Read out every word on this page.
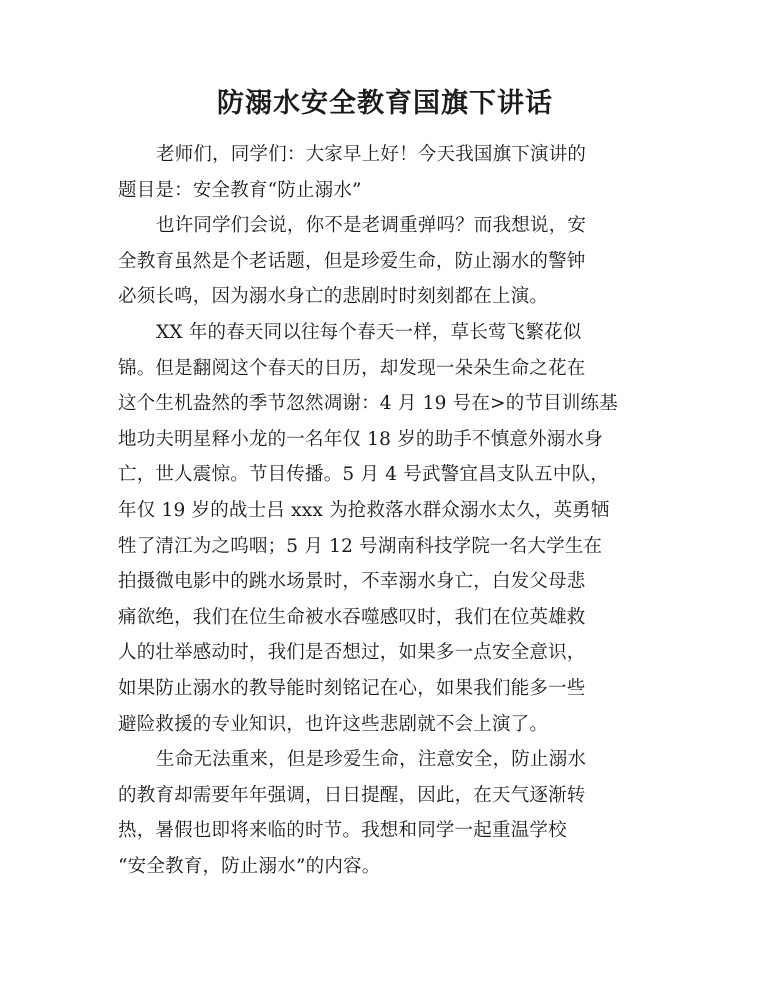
防溺水安全教育国旗下讲话
老师们，同学们：大家早上好！今天我国旗下演讲的
题目是：安全教育“防止溺水”
也许同学们会说，你不是老调重弹吗？而我想说，安
全教育虽然是个老话题，但是珍爱生命，防止溺水的警钟
必须长鸣，因为溺水身亡的悲剧时时刻刻都在上演。
XX 年的春天同以往每个春天一样，草长莺飞繁花似
锦。但是翻阅这个春天的日历，却发现一朵朵生命之花在
这个生机盎然的季节忽然凋谢：4 月 19 号在>的节目训练基
地功夫明星释小龙的一名年仅 18 岁的助手不慎意外溺水身
亡，世人震惊。节目传播。5 月 4 号武警宜昌支队五中队，
年仅 19 岁的战士吕 xxx 为抢救落水群众溺水太久，英勇牺
牲了清江为之呜咽；5 月 12 号湖南科技学院一名大学生在
拍摄微电影中的跳水场景时，不幸溺水身亡，白发父母悲
痛欲绝，我们在位生命被水吞噬感叹时，我们在位英雄救
人的壮举感动时，我们是否想过，如果多一点安全意识，
如果防止溺水的教导能时刻铭记在心，如果我们能多一些
避险救援的专业知识，也许这些悲剧就不会上演了。
生命无法重来，但是珍爱生命，注意安全，防止溺水
的教育却需要年年强调，日日提醒，因此，在天气逐渐转
热，暑假也即将来临的时节。我想和同学一起重温学校
“安全教育，防止溺水”的内容。
